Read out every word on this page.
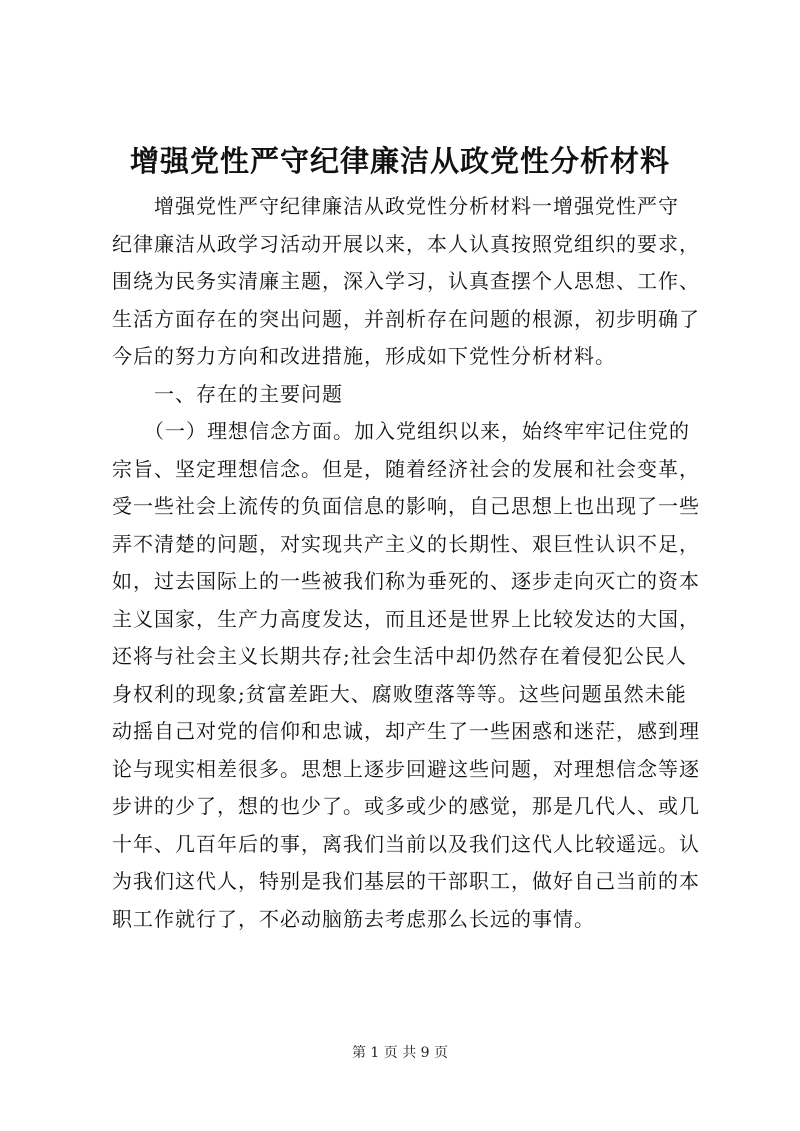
增强党性严守纪律廉洁从政党性分析材料
　　增强党性严守纪律廉洁从政党性分析材料一增强党性严守
纪律廉洁从政学习活动开展以来，本人认真按照党组织的要求，
围绕为民务实清廉主题，深入学习，认真查摆个人思想、工作、
生活方面存在的突出问题，并剖析存在问题的根源，初步明确了
今后的努力方向和改进措施，形成如下党性分析材料。
　　一、存在的主要问题
　　（一）理想信念方面。加入党组织以来，始终牢牢记住党的
宗旨、坚定理想信念。但是，随着经济社会的发展和社会变革，
受一些社会上流传的负面信息的影响，自己思想上也出现了一些
弄不清楚的问题，对实现共产主义的长期性、艰巨性认识不足，
如，过去国际上的一些被我们称为垂死的、逐步走向灭亡的资本
主义国家，生产力高度发达，而且还是世界上比较发达的大国，
还将与社会主义长期共存;社会生活中却仍然存在着侵犯公民人
身权利的现象;贫富差距大、腐败堕落等等。这些问题虽然未能
动摇自己对党的信仰和忠诚，却产生了一些困惑和迷茫，感到理
论与现实相差很多。思想上逐步回避这些问题，对理想信念等逐
步讲的少了，想的也少了。或多或少的感觉，那是几代人、或几
十年、几百年后的事，离我们当前以及我们这代人比较遥远。认
为我们这代人，特别是我们基层的干部职工，做好自己当前的本
职工作就行了，不必动脑筋去考虑那么长远的事情。
第 1 页 共 9 页
